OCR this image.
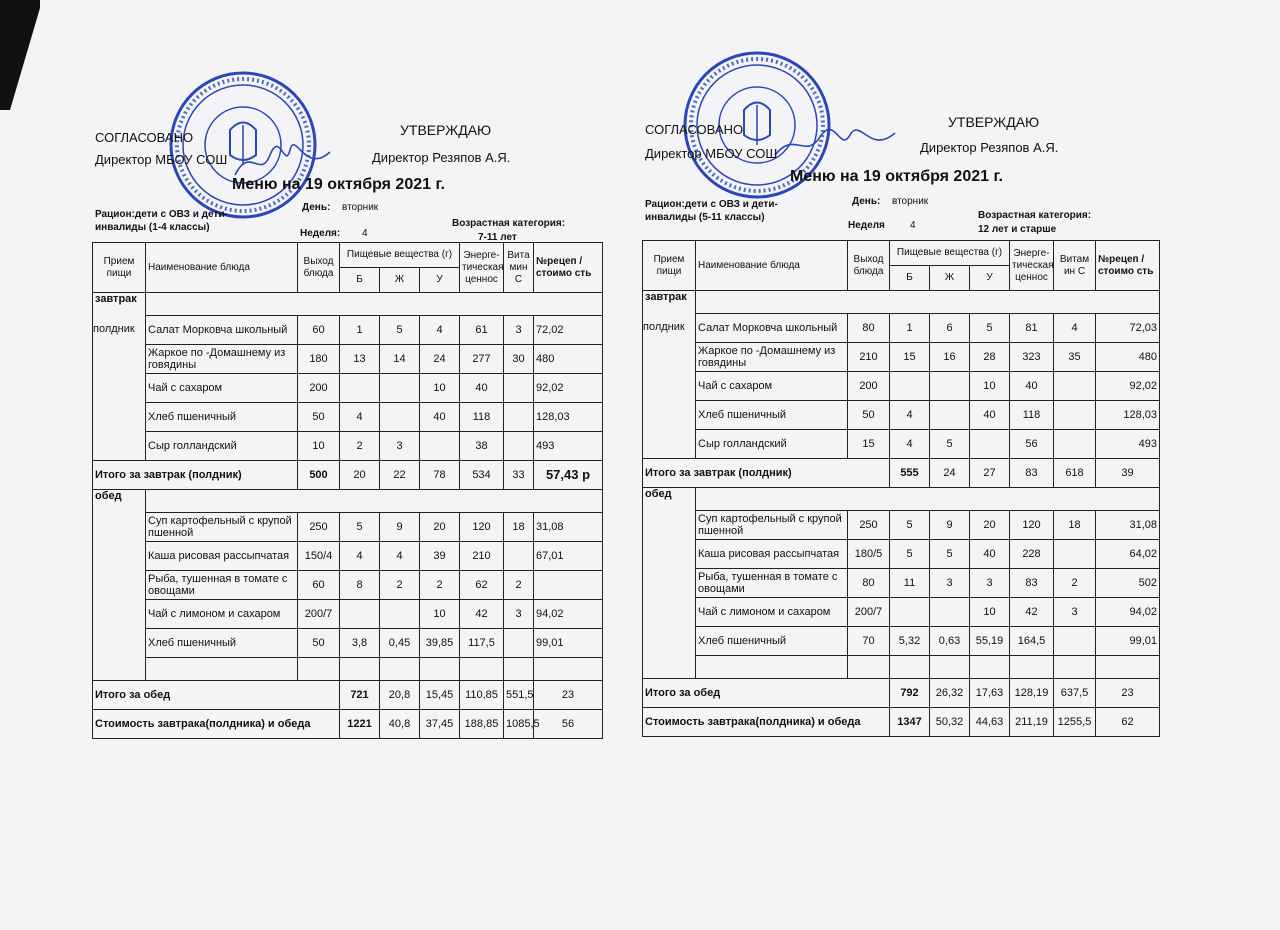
СОГЛАСОВАНО
Директор МБОУ СОШ
УТВЕРЖДАЮ
Директор Резяпов А.Я.
Меню на 19 октября 2021 г.
Рацион:дети с ОВЗ и дети-инвалиды (1-4 классы)
День: вторник
Неделя: 4
Возрастная категория:
7-11 лет
Прием пищи	Наименование блюда	Выход блюда	Пищевые вещества (г)			Энерге-тическая ценнос	Вита мин С	№рецеп /стоимо сть	
			Б	Ж	У				
завтрак
полдник									

	Салат Морковча школьный	60	1	5	4	61	3	72,02	
	Жаркое по -Домашнему из говядины	180	13	14	24	277	30	480	
	Чай с сахаром	200			10	40		92,02	
	Хлеб пшеничный	50	4		40	118		128,03	
	Сыр голландский	10	2	3		38		493	
Итого за завтрак (полдник)		500	20	22	78	534	33	57,43 р	
обед									
	Суп картофельный с крупой пшенной	250	5	9	20	120	18	31,08	
	Каша рисовая рассыпчатая	150/4	4	4	39	210		67,01	
	Рыба, тушенная в томате с овощами	60	8	2	2	62	2		
	Чай с лимоном и сахаром	200/7			10	42	3	94,02	
	Хлеб пшеничный	50	3,8	0,45	39,85	117,5		99,01	

Итого за обед			721	20,8	15,45	110,85	551,5	23	
Стоимость завтрака(полдника) и обеда			1221	40,8	37,45	188,85	1085,5	56	
СОГЛАСОВАНО
Директор МБОУ СОШ
УТВЕРЖДАЮ
Директор Резяпов А.Я.
Меню на 19 октября 2021 г.
Рацион:дети с ОВЗ и дети-инвалиды (5-11 классы)
День: вторник
Неделя	4
Возрастная категория:
12 лет и старше
Прием пищи	Наименование блюда	Выход блюда	Пищевые вещества (г)			Энерге-тическая ценнос	Витам ин С	№рецеп /стоимо сть	
			Б	Ж	У				
завтрак
полдник									

	Салат Морковча школьный	80	1	6	5	81	4	72,03	
	Жаркое по -Домашнему из говядины	210	15	16	28	323	35	480	
	Чай с сахаром	200			10	40		92,02	
	Хлеб пшеничный	50	4		40	118		128,03	
	Сыр голландский	15	4	5		56		493	
Итого за завтрак (полдник)			555	24	27	83	618	39	
обед									
	Суп картофельный с крупой пшенной	250	5	9	20	120	18	31,08	
	Каша рисовая рассыпчатая	180/5	5	5	40	228		64,02	
	Рыба, тушенная в томате с овощами	80	11	3	3	83	2	502	
	Чай с лимоном и сахаром	200/7			10	42	3	94,02	
	Хлеб пшеничный	70	5,32	0,63	55,19	164,5		99,01	

Итого за обед			792	26,32	17,63	128,19	637,5	23	
Стоимость завтрака(полдника) и обеда			1347	50,32	44,63	211,19	1255,5	62	
